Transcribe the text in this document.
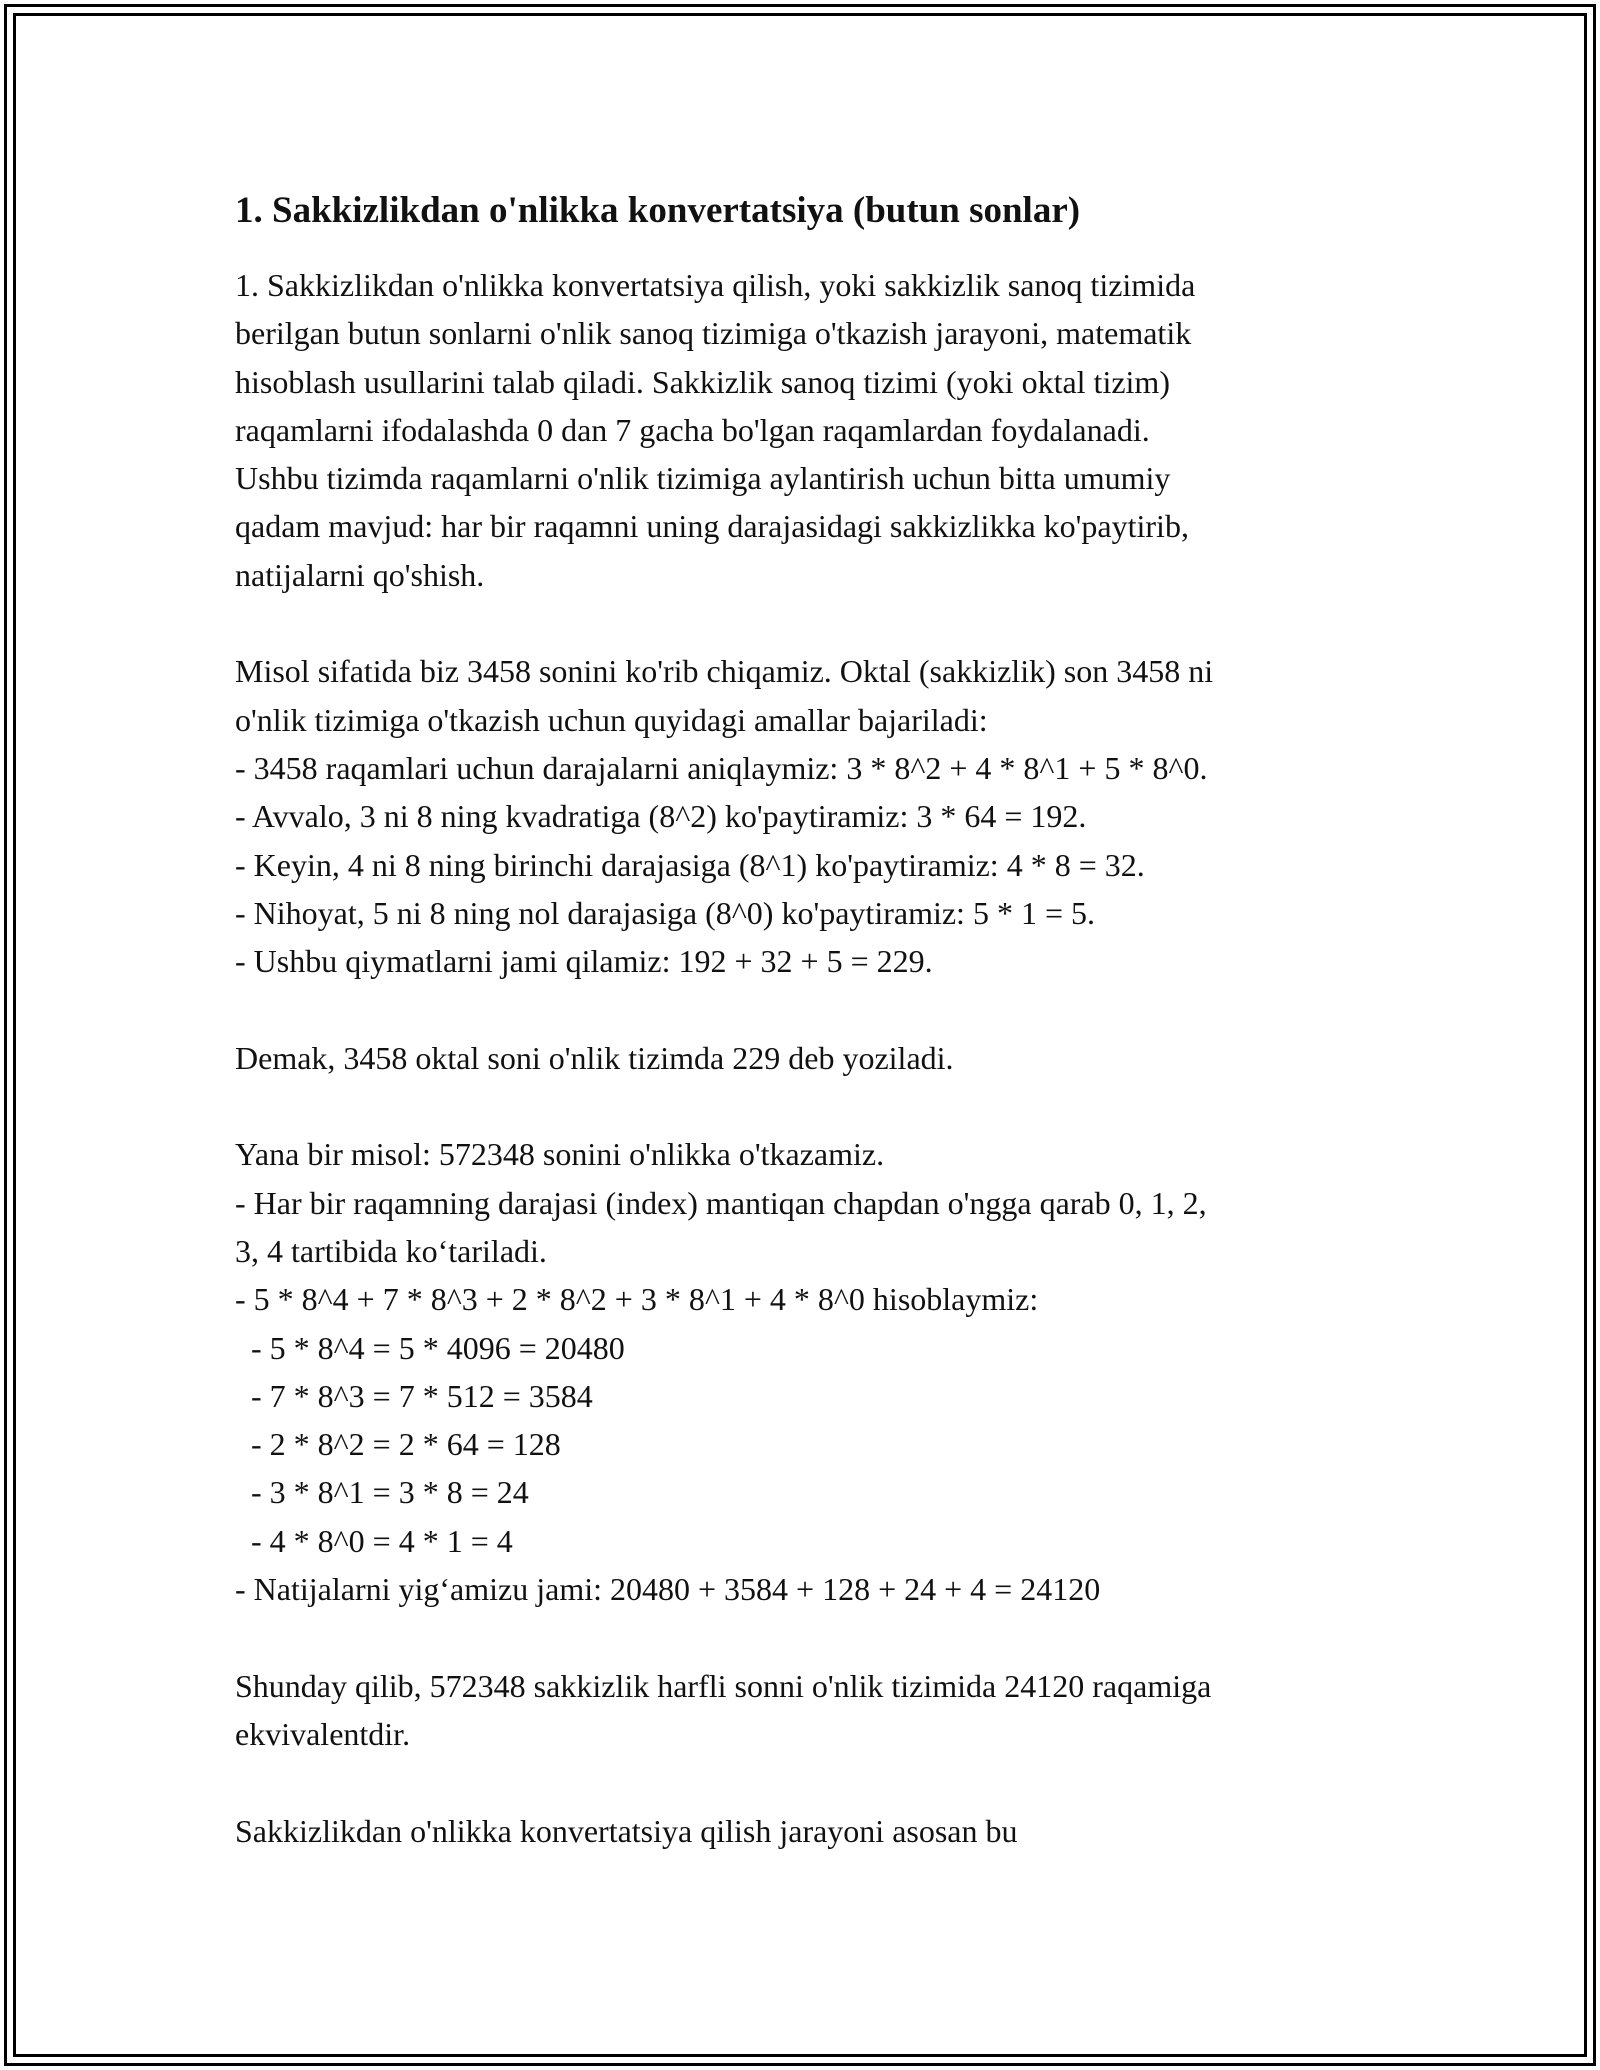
1. Sakkizlikdan o'nlikka konvertatsiya (butun sonlar)
1. Sakkizlikdan o'nlikka konvertatsiya qilish, yoki sakkizlik sanoq tizimida
berilgan butun sonlarni o'nlik sanoq tizimiga o'tkazish jarayoni, matematik
hisoblash usullarini talab qiladi. Sakkizlik sanoq tizimi (yoki oktal tizim)
raqamlarni ifodalashda 0 dan 7 gacha bo'lgan raqamlardan foydalanadi.
Ushbu tizimda raqamlarni o'nlik tizimiga aylantirish uchun bitta umumiy
qadam mavjud: har bir raqamni uning darajasidagi sakkizlikka ko'paytirib,
natijalarni qo'shish.
Misol sifatida biz 3458 sonini ko'rib chiqamiz. Oktal (sakkizlik) son 3458 ni
o'nlik tizimiga o'tkazish uchun quyidagi amallar bajariladi:
- 3458 raqamlari uchun darajalarni aniqlaymiz: 3 * 8^2 + 4 * 8^1 + 5 * 8^0.
- Avvalo, 3 ni 8 ning kvadratiga (8^2) ko'paytiramiz: 3 * 64 = 192.
- Keyin, 4 ni 8 ning birinchi darajasiga (8^1) ko'paytiramiz: 4 * 8 = 32.
- Nihoyat, 5 ni 8 ning nol darajasiga (8^0) ko'paytiramiz: 5 * 1 = 5.
- Ushbu qiymatlarni jami qilamiz: 192 + 32 + 5 = 229.
Demak, 3458 oktal soni o'nlik tizimda 229 deb yoziladi.
Yana bir misol: 572348 sonini o'nlikka o'tkazamiz.
- Har bir raqamning darajasi (index) mantiqan chapdan o'ngga qarab 0, 1, 2,
3, 4 tartibida ko‘tariladi.
- 5 * 8^4 + 7 * 8^3 + 2 * 8^2 + 3 * 8^1 + 4 * 8^0 hisoblaymiz:
- 5 * 8^4 = 5 * 4096 = 20480
- 7 * 8^3 = 7 * 512 = 3584
- 2 * 8^2 = 2 * 64 = 128
- 3 * 8^1 = 3 * 8 = 24
- 4 * 8^0 = 4 * 1 = 4
- Natijalarni yig‘amizu jami: 20480 + 3584 + 128 + 24 + 4 = 24120
Shunday qilib, 572348 sakkizlik harfli sonni o'nlik tizimida 24120 raqamiga
ekvivalentdir.
Sakkizlikdan o'nlikka konvertatsiya qilish jarayoni asosan bu
